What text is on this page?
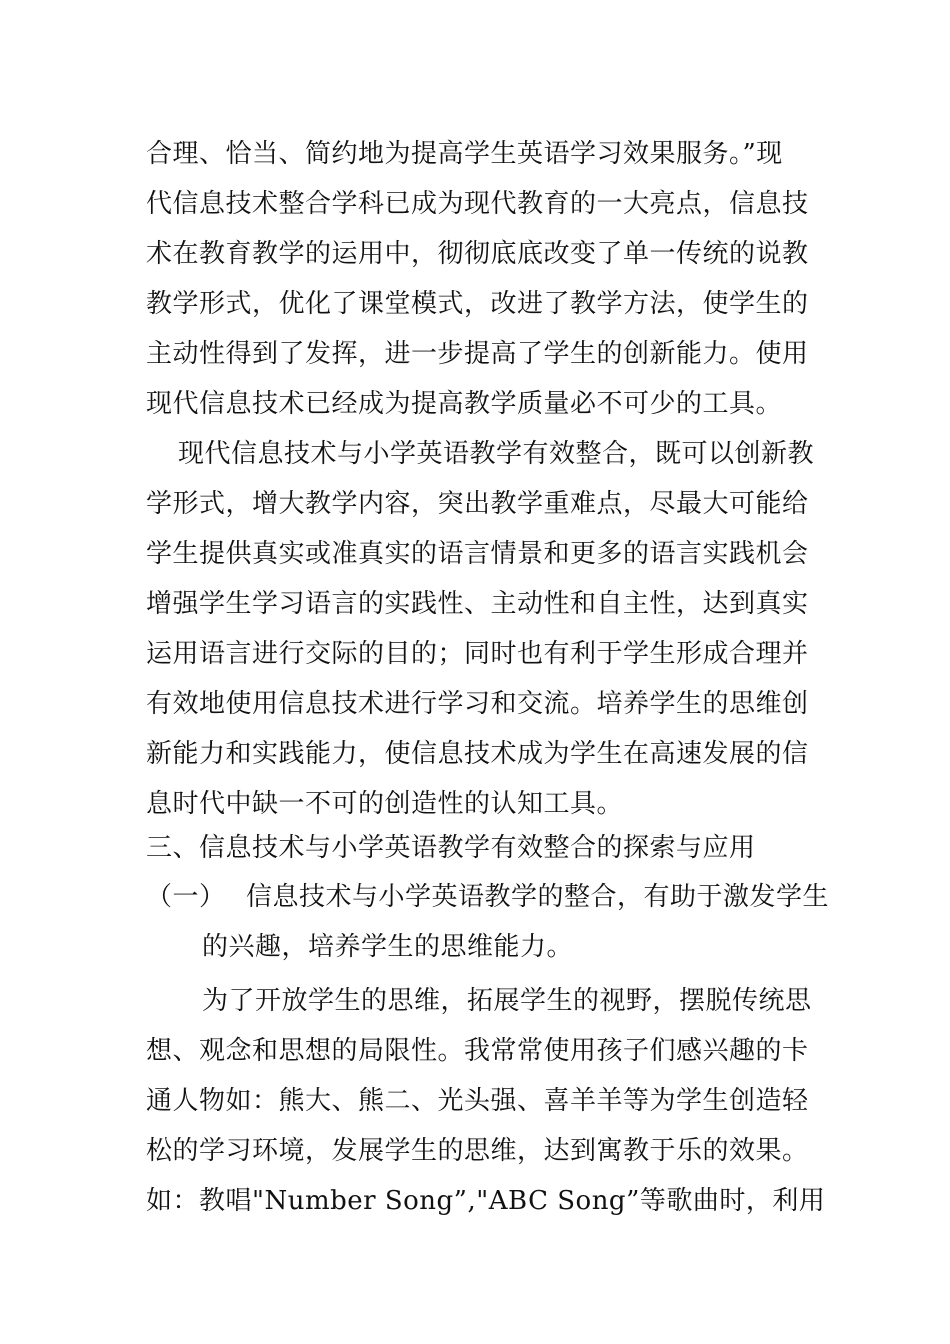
合理、恰当、简约地为提高学生英语学习效果服务。”现
代信息技术整合学科已成为现代教育的一大亮点，信息技
术在教育教学的运用中，彻彻底底改变了单一传统的说教
教学形式，优化了课堂模式，改进了教学方法，使学生的
主动性得到了发挥，进一步提高了学生的创新能力。使用
现代信息技术已经成为提高教学质量必不可少的工具。
现代信息技术与小学英语教学有效整合，既可以创新教
学形式，增大教学内容，突出教学重难点，尽最大可能给
学生提供真实或准真实的语言情景和更多的语言实践机会
增强学生学习语言的实践性、主动性和自主性，达到真实
运用语言进行交际的目的；同时也有利于学生形成合理并
有效地使用信息技术进行学习和交流。培养学生的思维创
新能力和实践能力，使信息技术成为学生在高速发展的信
息时代中缺一不可的创造性的认知工具。
三、信息技术与小学英语教学有效整合的探索与应用
（一） 信息技术与小学英语教学的整合，有助于激发学生
的兴趣，培养学生的思维能力。
为了开放学生的思维，拓展学生的视野，摆脱传统思
想、观念和思想的局限性。我常常使用孩子们感兴趣的卡
通人物如：熊大、熊二、光头强、喜羊羊等为学生创造轻
松的学习环境，发展学生的思维，达到寓教于乐的效果。
如：教唱"Number Song”,"ABC Song”等歌曲时，利用
